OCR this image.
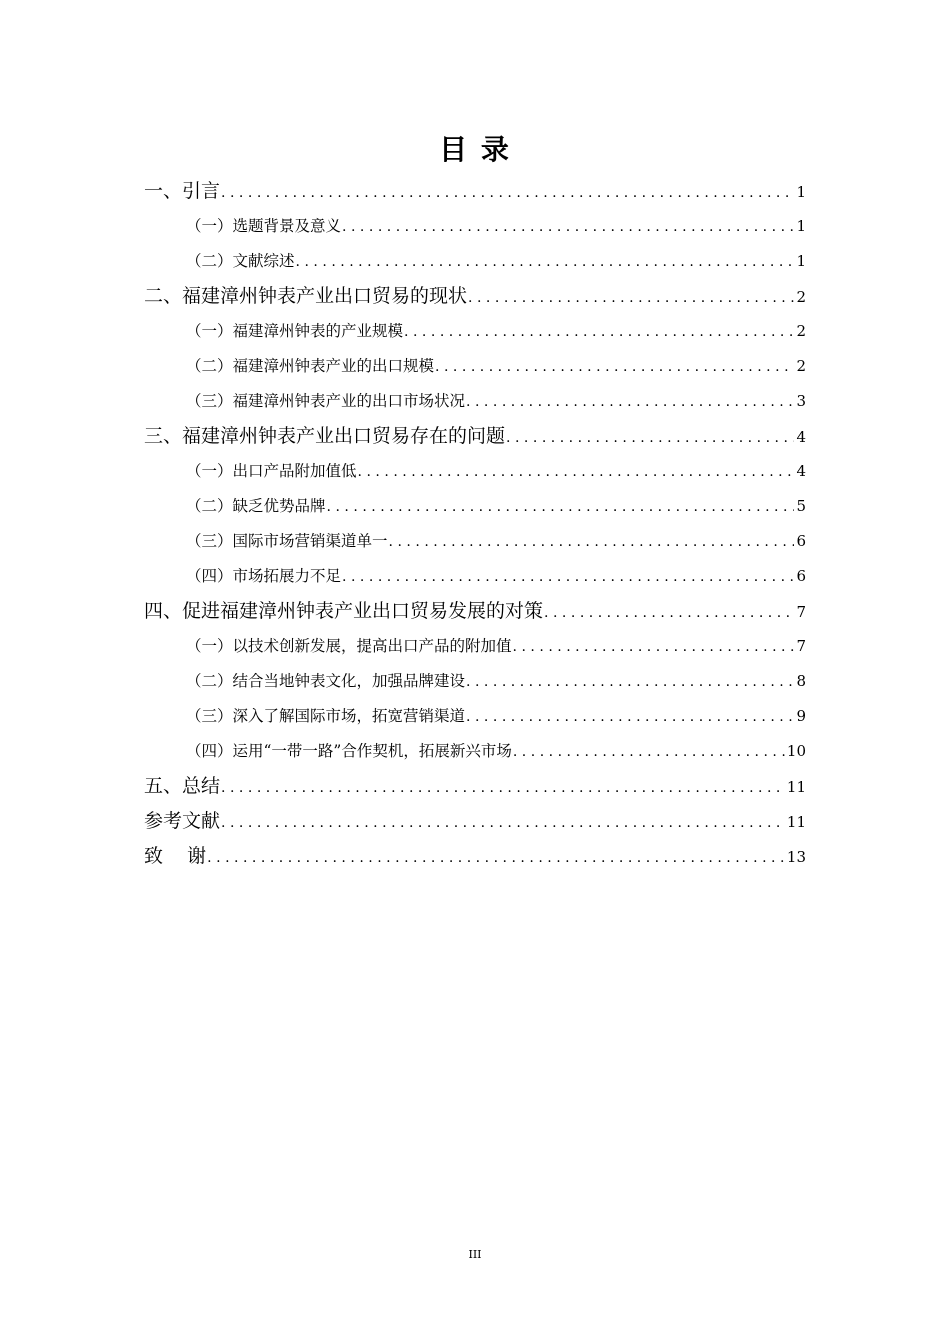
目 录
一、引言 .....	1
（一）选题背景及意义 .....	1
（二）文献综述 .....	1
二、福建漳州钟表产业出口贸易的现状 .....	2
（一）福建漳州钟表的产业规模 .....	2
（二）福建漳州钟表产业的出口规模 .....	2
（三）福建漳州钟表产业的出口市场状况 .....	3
三、福建漳州钟表产业出口贸易存在的问题 .....	4
（一）出口产品附加值低 .....	4
（二）缺乏优势品牌 .....	5
（三）国际市场营销渠道单一 .....	6
（四）市场拓展力不足 .....	6
四、促进福建漳州钟表产业出口贸易发展的对策 .....	7
（一）以技术创新发展，提高出口产品的附加值 .....	7
（二）结合当地钟表文化，加强品牌建设 .....	8
（三）深入了解国际市场，拓宽营销渠道 .....	9
（四）运用“一带一路”合作契机，拓展新兴市场 .....	10
五、总结 .....	11
参考文献 .....	11
致    谢 .....	13
III
